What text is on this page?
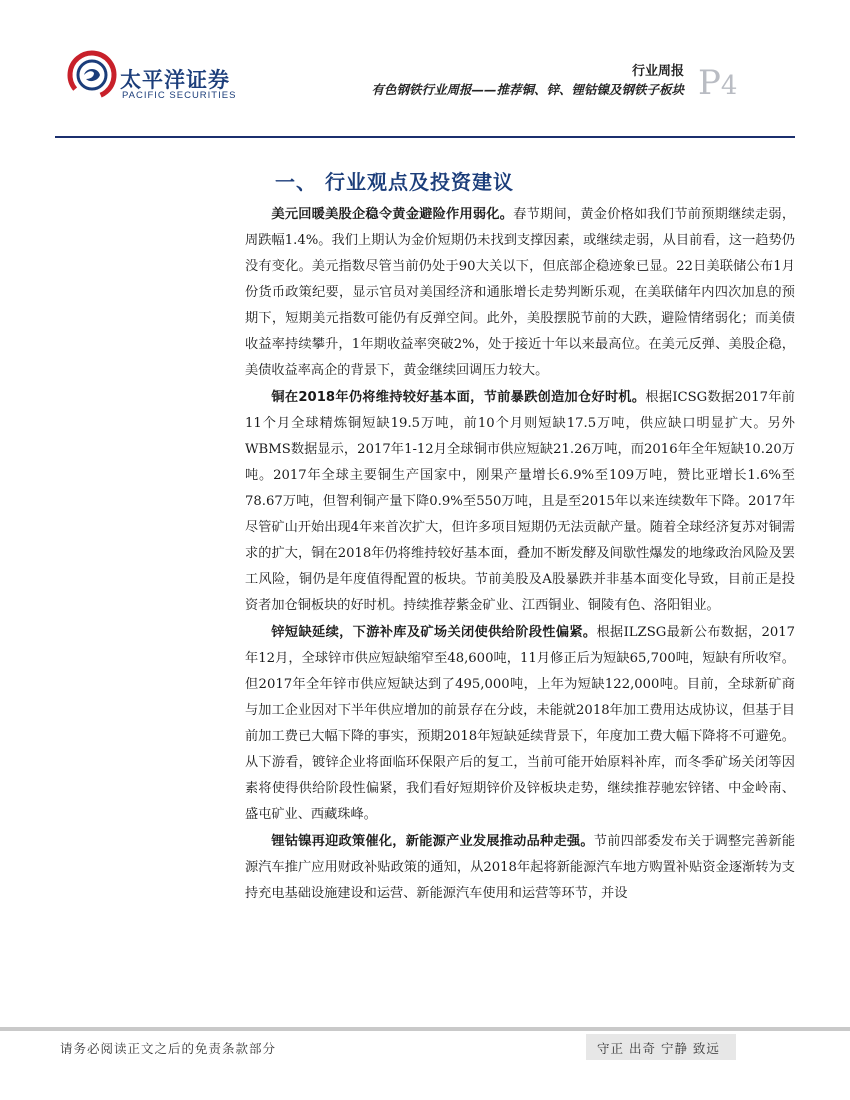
太平洋证券
PACIFIC SECURITIES
行业周报
有色钢铁行业周报——推荐铜、锌、锂钴镍及钢铁子板块 P4
一、 行业观点及投资建议

美元回暖美股企稳令黄金避险作用弱化。春节期间，黄金价格如我们节前预期继续走弱，周跌幅1.4%。我们上期认为金价短期仍未找到支撑因素，或继续走弱，从目前看，这一趋势仍没有变化。美元指数尽管当前仍处于90大关以下，但底部企稳迹象已显。22日美联储公布1月份货币政策纪要，显示官员对美国经济和通胀增长走势判断乐观，在美联储年内四次加息的预期下，短期美元指数可能仍有反弹空间。此外，美股摆脱节前的大跌，避险情绪弱化；而美债收益率持续攀升，1年期收益率突破2%，处于接近十年以来最高位。在美元反弹、美股企稳，美债收益率高企的背景下，黄金继续回调压力较大。

铜在2018年仍将维持较好基本面，节前暴跌创造加仓好时机。根据ICSG数据2017年前11个月全球精炼铜短缺19.5万吨，前10个月则短缺17.5万吨，供应缺口明显扩大。另外WBMS数据显示，2017年1-12月全球铜市供应短缺21.26万吨，而2016年全年短缺10.20万吨。2017年全球主要铜生产国家中，刚果产量增长6.9%至109万吨，赞比亚增长1.6%至78.67万吨，但智利铜产量下降0.9%至550万吨，且是至2015年以来连续数年下降。2017年尽管矿山开始出现4年来首次扩大，但许多项目短期仍无法贡献产量。随着全球经济复苏对铜需求的扩大，铜在2018年仍将维持较好基本面，叠加不断发酵及间歇性爆发的地缘政治风险及罢工风险，铜仍是年度值得配置的板块。节前美股及A股暴跌并非基本面变化导致，目前正是投资者加仓铜板块的好时机。持续推荐紫金矿业、江西铜业、铜陵有色、洛阳钼业。

锌短缺延续，下游补库及矿场关闭使供给阶段性偏紧。根据ILZSG最新公布数据，2017年12月，全球锌市供应短缺缩窄至48,600吨，11月修正后为短缺65,700吨，短缺有所收窄。但2017年全年锌市供应短缺达到了495,000吨，上年为短缺122,000吨。目前，全球新矿商与加工企业因对下半年供应增加的前景存在分歧，未能就2018年加工费用达成协议，但基于目前加工费已大幅下降的事实，预期2018年短缺延续背景下，年度加工费大幅下降将不可避免。从下游看，镀锌企业将面临环保限产后的复工，当前可能开始原料补库，而冬季矿场关闭等因素将使得供给阶段性偏紧，我们看好短期锌价及锌板块走势，继续推荐驰宏锌锗、中金岭南、盛屯矿业、西藏珠峰。

锂钴镍再迎政策催化，新能源产业发展推动品种走强。节前四部委发布关于调整完善新能源汽车推广应用财政补贴政策的通知，从2018年起将新能源汽车地方购置补贴资金逐渐转为支持充电基础设施建设和运营、新能源汽车使用和运营等环节，并设

请务必阅读正文之后的免责条款部分	守正 出奇 宁静 致远
